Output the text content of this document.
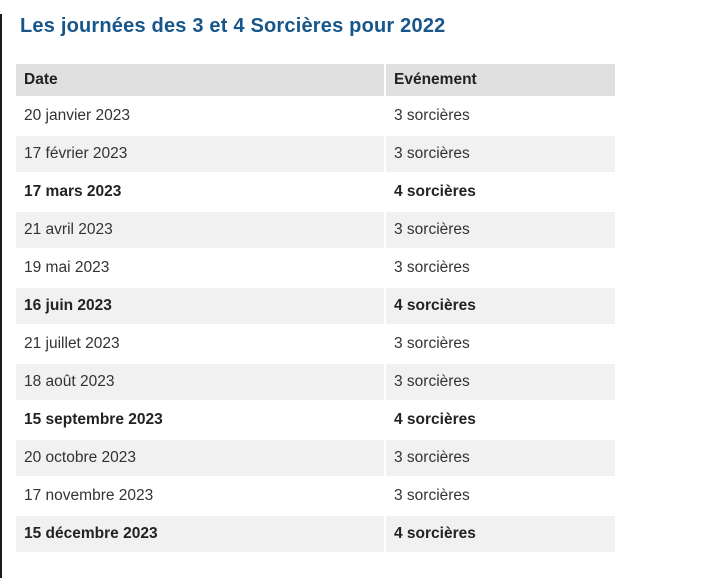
Les journées des 3 et 4 Sorcières pour 2022
Date	Evénement
20 janvier 2023	3 sorcières
17 février 2023	3 sorcières
17 mars 2023	4 sorcières
21 avril 2023	3 sorcières
19 mai 2023	3 sorcières
16 juin 2023	4 sorcières
21 juillet 2023	3 sorcières
18 août 2023	3 sorcières
15 septembre 2023	4 sorcières
20 octobre 2023	3 sorcières
17 novembre 2023	3 sorcières
15 décembre 2023	4 sorcières
